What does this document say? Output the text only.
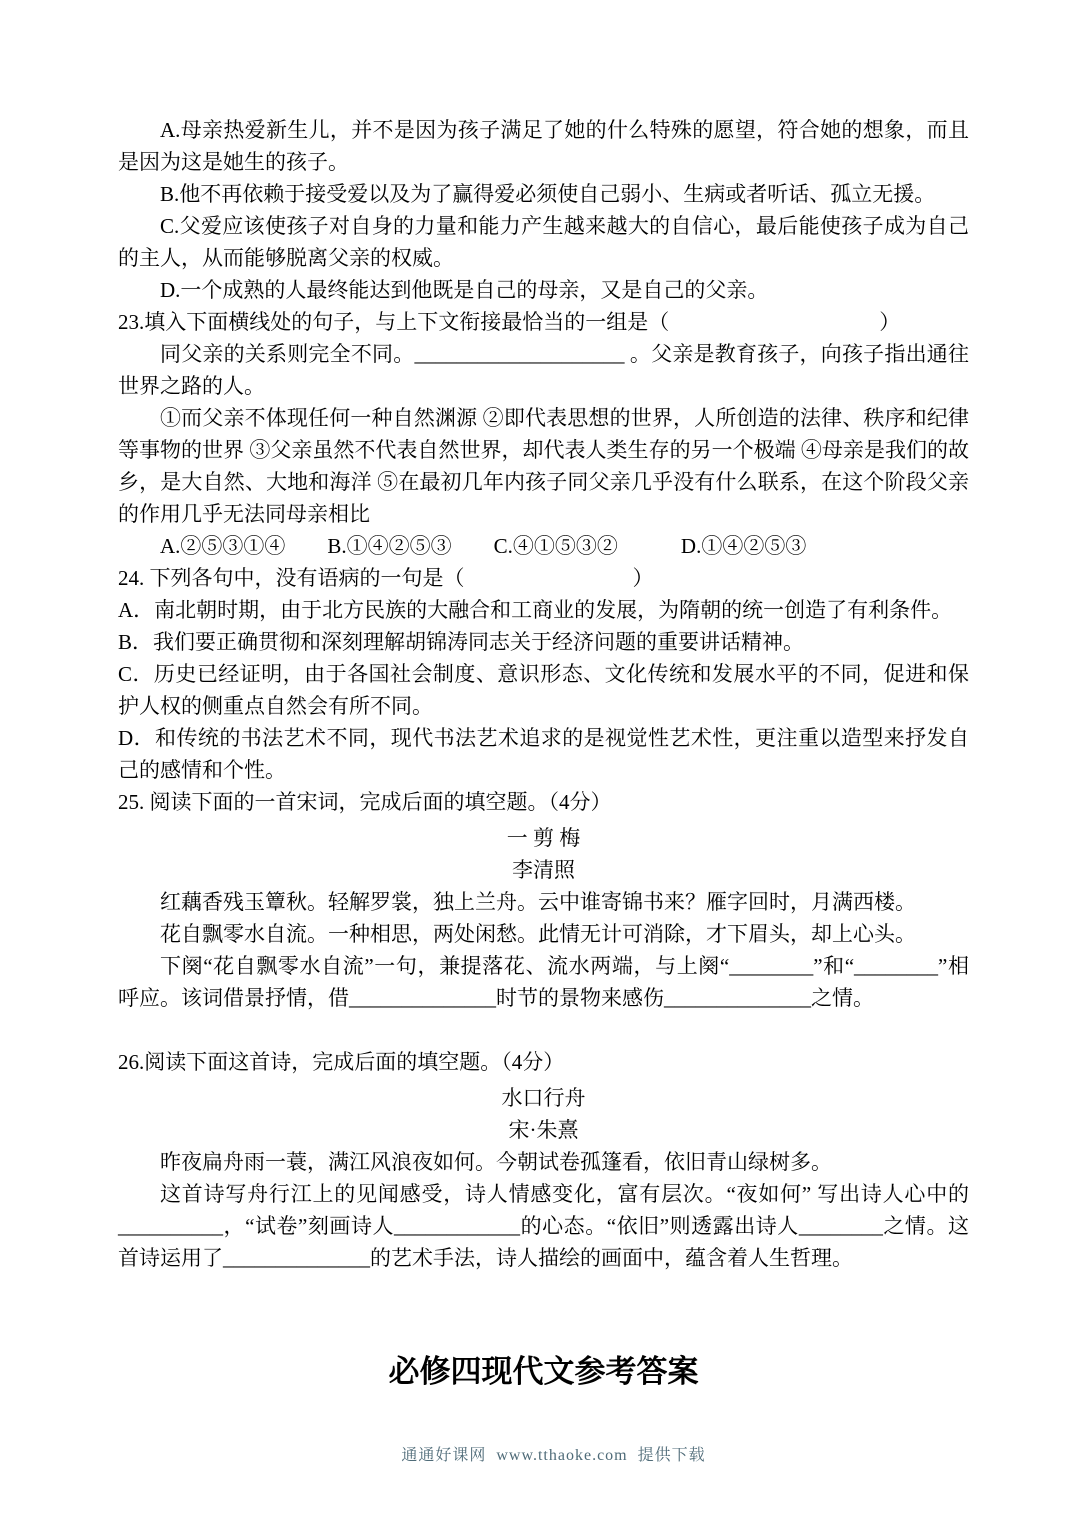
A.母亲热爱新生儿，并不是因为孩子满足了她的什么特殊的愿望，符合她的想象，而且是因为这是她生的孩子。

B.他不再依赖于接受爱以及为了赢得爱必须使自己弱小、生病或者听话、孤立无援。

C.父爱应该使孩子对自身的力量和能力产生越来越大的自信心，最后能使孩子成为自己的主人，从而能够脱离父亲的权威。

D.一个成熟的人最终能达到他既是自己的母亲，又是自己的父亲。

23.填入下面横线处的句子，与上下文衔接最恰当的一组是（　　　　　　　　　　）

同父亲的关系则完全不同。____________________ 。父亲是教育孩子，向孩子指出通往世界之路的人。

①而父亲不体现任何一种自然渊源 ②即代表思想的世界，人所创造的法律、秩序和纪律等事物的世界 ③父亲虽然不代表自然世界，却代表人类生存的另一个极端 ④母亲是我们的故乡，是大自然、大地和海洋 ⑤在最初几年内孩子同父亲几乎没有什么联系，在这个阶段父亲的作用几乎无法同母亲相比

A.②⑤③①④　　B.①④②⑤③　　C.④①⑤③②　　　D.①④②⑤③

24. 下列各句中，没有语病的一句是（　　　　　　　　）

A．南北朝时期，由于北方民族的大融合和工商业的发展，为隋朝的统一创造了有利条件。

B．我们要正确贯彻和深刻理解胡锦涛同志关于经济问题的重要讲话精神。

C．历史已经证明，由于各国社会制度、意识形态、文化传统和发展水平的不同，促进和保护人权的侧重点自然会有所不同。

D．和传统的书法艺术不同，现代书法艺术追求的是视觉性艺术性，更注重以造型来抒发自己的感情和个性。

25. 阅读下面的一首宋词，完成后面的填空题。（4分）

一 剪 梅

李清照

红藕香残玉簟秋。轻解罗裳，独上兰舟。云中谁寄锦书来？雁字回时，月满西楼。

花自飘零水自流。一种相思，两处闲愁。此情无计可消除，才下眉头，却上心头。

下阕“花自飘零水自流”一句，兼提落花、流水两端，与上阕“________”和“________”相呼应。该词借景抒情，借______________时节的景物来感伤______________之情。

26.阅读下面这首诗，完成后面的填空题。（4分）

水口行舟

宋·朱熹

昨夜扁舟雨一蓑，满江风浪夜如何。今朝试卷孤篷看，依旧青山绿树多。

这首诗写舟行江上的见闻感受，诗人情感变化，富有层次。“夜如何” 写出诗人心中的__________，“试卷”刻画诗人____________的心态。“依旧”则透露出诗人________之情。这首诗运用了______________的艺术手法，诗人描绘的画面中，蕴含着人生哲理。

必修四现代文参考答案

通通好课网  www.tthaoke.com  提供下载
